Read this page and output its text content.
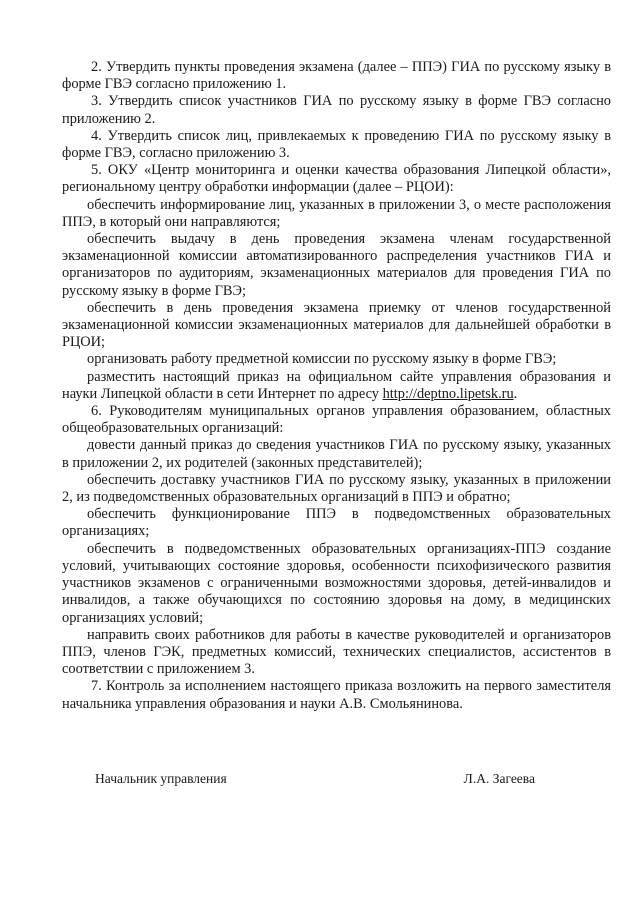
2. Утвердить пункты проведения экзамена (далее – ППЭ) ГИА по русскому языку в форме ГВЭ согласно приложению 1.

3. Утвердить список участников ГИА по русскому языку в форме ГВЭ согласно приложению 2.

4. Утвердить список лиц, привлекаемых к проведению ГИА по русскому языку в форме ГВЭ, согласно приложению 3.

5. ОКУ «Центр мониторинга и оценки качества образования Липецкой области», региональному центру обработки информации (далее – РЦОИ):

обеспечить информирование лиц, указанных в приложении 3, о месте расположения ППЭ, в который они направляются;

обеспечить выдачу в день проведения экзамена членам государственной экзаменационной комиссии автоматизированного распределения участников ГИА и организаторов по аудиториям, экзаменационных материалов для проведения ГИА по русскому языку в форме ГВЭ;

обеспечить в день проведения экзамена приемку от членов государственной экзаменационной комиссии экзаменационных материалов для дальнейшей обработки в РЦОИ;

организовать работу предметной комиссии по русскому языку в форме ГВЭ;

разместить настоящий приказ на официальном сайте управления образования и науки Липецкой области в сети Интернет по адресу http://deptno.lipetsk.ru.

6. Руководителям муниципальных органов управления образованием, областных общеобразовательных организаций:

довести данный приказ до сведения участников ГИА по русскому языку, указанных в приложении 2, их родителей (законных представителей);

обеспечить доставку участников ГИА по русскому языку, указанных в приложении 2, из подведомственных образовательных организаций в ППЭ и обратно;

обеспечить функционирование ППЭ в подведомственных образовательных организациях;

обеспечить в подведомственных образовательных организациях-ППЭ создание условий, учитывающих состояние здоровья, особенности психофизического развития участников экзаменов с ограниченными возможностями здоровья, детей-инвалидов и инвалидов, а также обучающихся по состоянию здоровья на дому, в медицинских организациях условий;

направить своих работников для работы в качестве руководителей и организаторов ППЭ, членов ГЭК, предметных комиссий, технических специалистов, ассистентов в соответствии с приложением 3.

7. Контроль за исполнением настоящего приказа возложить на первого заместителя начальника управления образования и науки А.В. Смольянинова.

Начальник управления	Л.А. Загеева
